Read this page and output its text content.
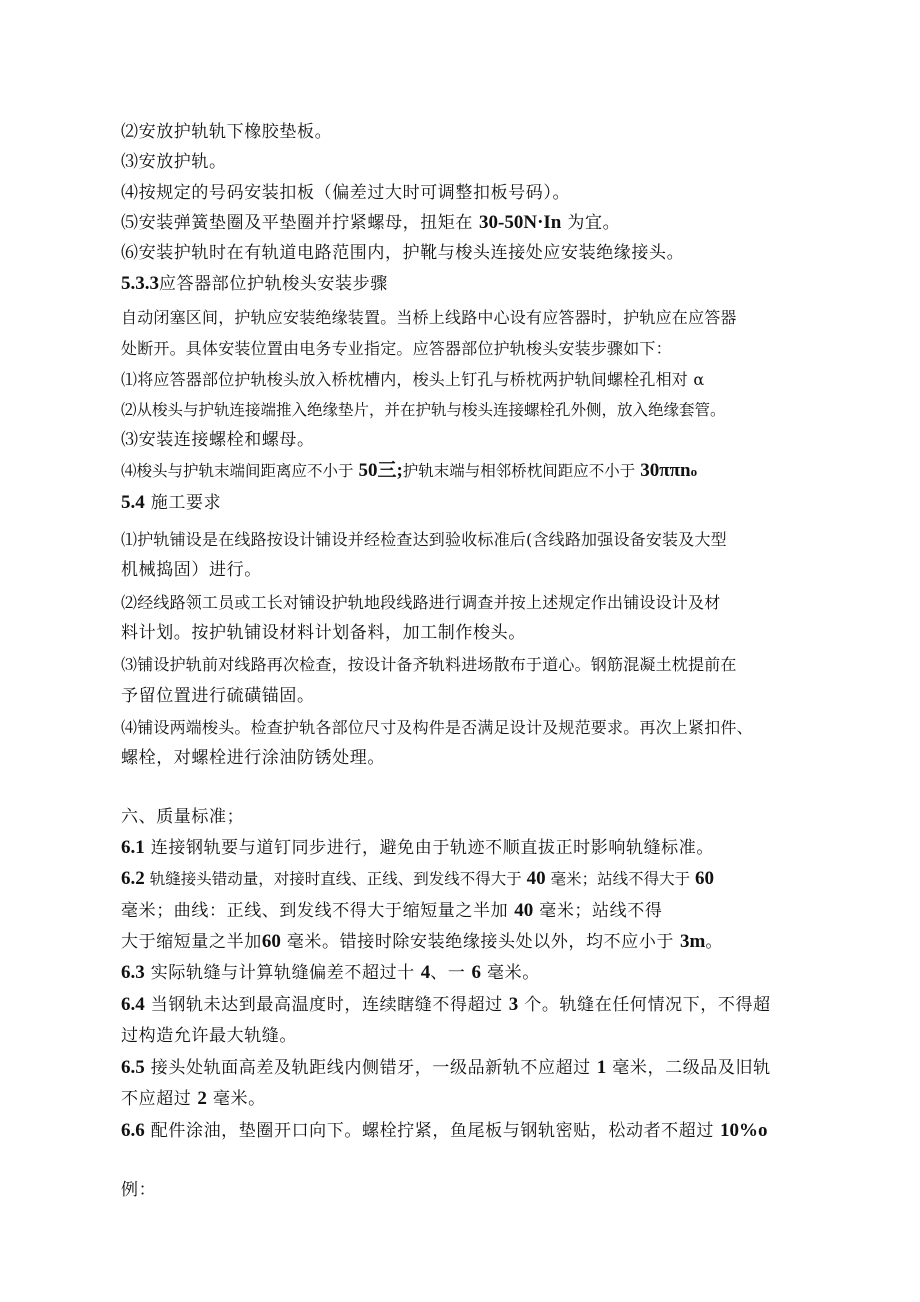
⑵安放护轨轨下橡胶垫板。
⑶安放护轨。
⑷按规定的号码安装扣板（偏差过大时可调整扣板号码）。
⑸安装弹簧垫圈及平垫圈并拧紧螺母，扭矩在 30-50N·In 为宜。
⑹安装护轨时在有轨道电路范围内，护靴与梭头连接处应安装绝缘接头。
5.3.3应答器部位护轨梭头安装步骤
自动闭塞区间，护轨应安装绝缘装置。当桥上线路中心设有应答器时，护轨应在应答器
处断开。具体安装位置由电务专业指定。应答器部位护轨梭头安装步骤如下：
⑴将应答器部位护轨梭头放入桥枕槽内，梭头上钉孔与桥枕两护轨间螺栓孔相对 α
⑵从梭头与护轨连接端推入绝缘垫片，并在护轨与梭头连接螺栓孔外侧，放入绝缘套管。
⑶安装连接螺栓和螺母。
⑷梭头与护轨末端间距离应不小于 50三;护轨末端与相邻桥枕间距应不小于 30ππno
5.4 施工要求
⑴护轨铺设是在线路按设计铺设并经检查达到验收标准后(含线路加强设备安装及大型
机械捣固）进行。
⑵经线路领工员或工长对铺设护轨地段线路进行调查并按上述规定作出铺设设计及材
料计划。按护轨铺设材料计划备料，加工制作梭头。
⑶铺设护轨前对线路再次检查，按设计备齐轨料进场散布于道心。钢筋混凝土枕提前在
予留位置进行硫磺锚固。
⑷铺设两端梭头。检查护轨各部位尺寸及构件是否满足设计及规范要求。再次上紧扣件、
螺栓，对螺栓进行涂油防锈处理。
六、质量标准；
6.1 连接钢轨要与道钉同步进行，避免由于轨迹不顺直拔正时影响轨缝标准。
6.2 轨缝接头错动量，对接时直线、正线、到发线不得大于 40 毫米；站线不得大于 60
毫米；曲线：正线、到发线不得大于缩短量之半加 40 毫米；站线不得
大于缩短量之半加60 毫米。错接时除安装绝缘接头处以外，均不应小于 3m。
6.3 实际轨缝与计算轨缝偏差不超过十 4、一 6 毫米。
6.4 当钢轨未达到最高温度时，连续瞎缝不得超过 3 个。轨缝在任何情况下，不得超
过构造允许最大轨缝。
6.5 接头处轨面高差及轨距线内侧错牙，一级品新轨不应超过 1 毫米，二级品及旧轨
不应超过 2 毫米。
6.6 配件涂油，垫圈开口向下。螺栓拧紧，鱼尾板与钢轨密贴，松动者不超过 10%o
例：
